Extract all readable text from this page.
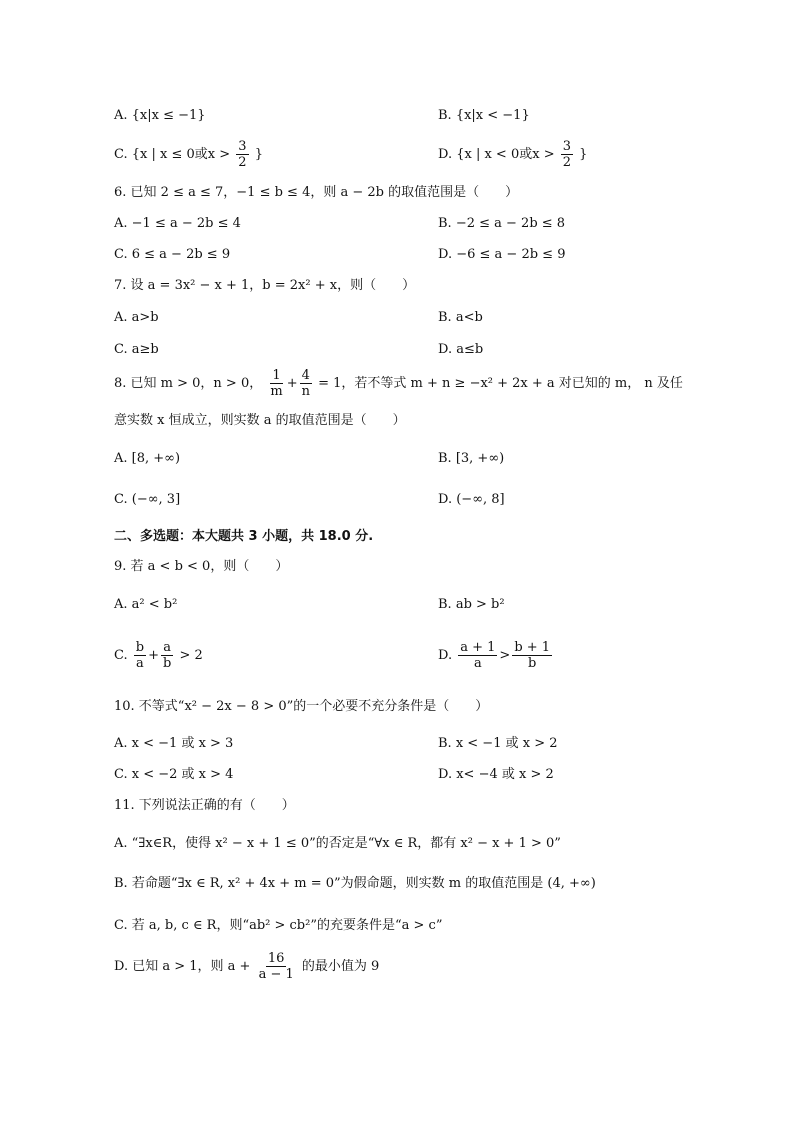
A. {x|x ≤ −1}	B. {x|x < −1}
C. {x | x ≤ 0或$x > \frac{3}{2}$ }	D. {x | x < 0或$x > \frac{3}{2}$ }
6. 已知 2 ≤ a ≤ 7，−1 ≤ b ≤ 4，则 a − 2b 的取值范围是（　　）
A. −1 ≤ a − 2b ≤ 4	B. −2 ≤ a − 2b ≤ 8
C. 6 ≤ a − 2b ≤ 9	D. −6 ≤ a − 2b ≤ 9
7. 设 a = 3x² − x + 1，b = 2x² + x，则（　　）
A. a>b	B. a<b
C. a≥b	D. a≤b
8. 已知 m > 0，n > 0， $\frac{1}{m} + \frac{4}{n} = 1$，若不等式 m + n ≥ −x² + 2x + a 对已知的 m， n 及任
意实数 x 恒成立，则实数 a 的取值范围是（　　）
A. [8, +∞)	B. [3, +∞)
C. (−∞, 3]	D. (−∞, 8]
二、多选题：本大题共 3 小题，共 18.0 分.
9. 若 a < b < 0，则（　　）
A. a² < b²	B. ab > b²
C. $\frac{b}{a} + \frac{a}{b} > 2$	D. $\frac{a + 1}{a} > \frac{b + 1}{b}$
10. 不等式“x² − 2x − 8 > 0”的一个必要不充分条件是（　　）
A. x < −1 或 x > 3	B. x < −1 或 x > 2
C. x < −2 或 x > 4	D. x< −4 或 x > 2
11. 下列说法正确的有（　　）
A. “∃x∈R，使得 x² − x + 1 ≤ 0”的否定是“∀x ∈ R，都有 x² − x + 1 > 0”
B. 若命题“∃x ∈ R, x² + 4x + m = 0”为假命题，则实数 m 的取值范围是 (4, +∞)
C. 若 a, b, c ∈ R，则“ab² > cb²”的充要条件是“a > c”
D. 已知 a > 1，则 $a + \frac{16}{a - 1}$ 的最小值为 9
